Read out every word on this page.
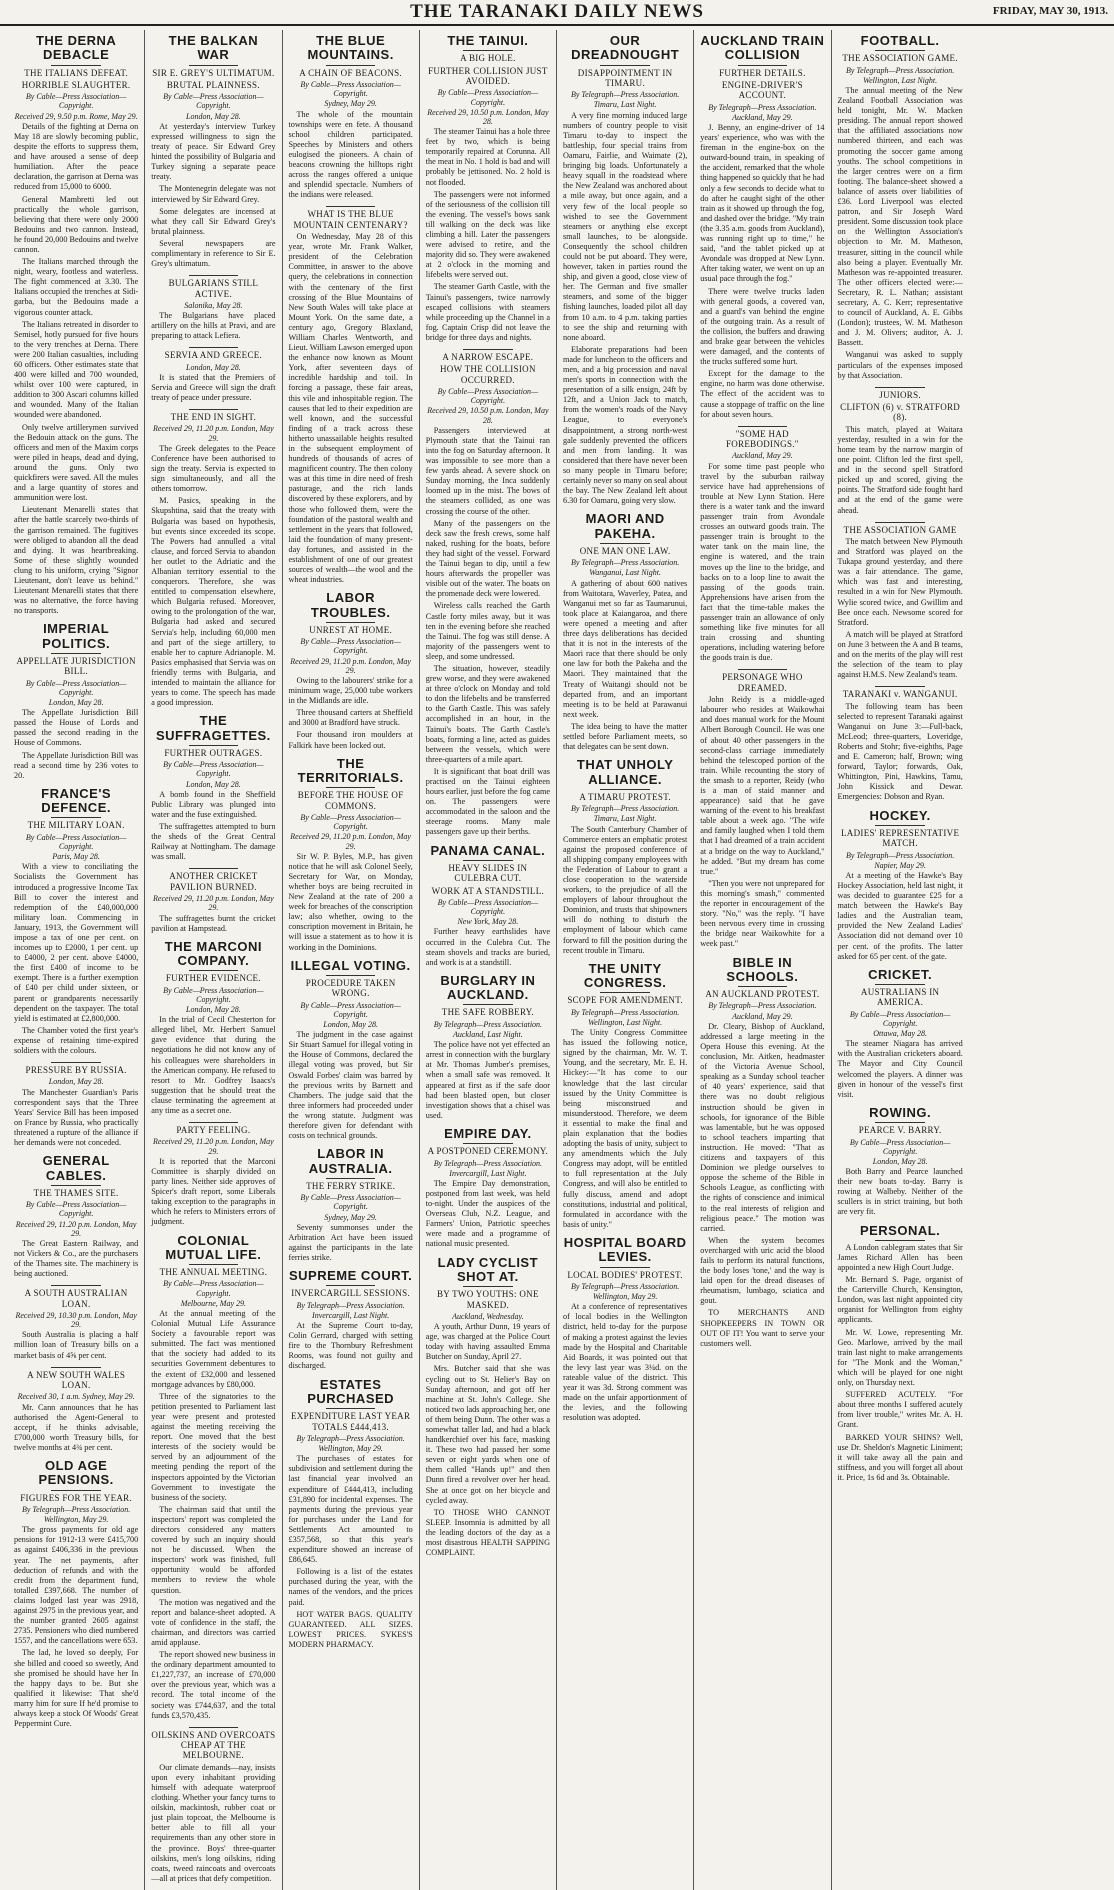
THE TARANAKI DAILY NEWS	FRIDAY, MAY 30, 1913.
THE DERNA DEBACLE
THE ITALIANS DEFEAT.
HORRIBLE SLAUGHTER.
By Cable—Press Association—Copyright.
Received 29, 9.50 p.m. Rome, May 29.

Details of the fighting at Derna on May 18 are slowly becoming public, despite the efforts to suppress them, and have aroused a sense of deep humiliation. After the peace declaration, the garrison at Derna was reduced from 15,000 to 6000.

General Mambretti led out practically the whole garrison, believing that there were only 2000 Bedouins and two cannon. Instead, he found 20,000 Bedouins and twelve cannon.

The Italians marched through the night, weary, footless and waterless. The fight commenced at 3.30. The Italians occupied the trenches at Sidi-garba, but the Bedouins made a vigorous counter attack.

The Italians retreated in disorder to Semisel, hotly pursued for five hours to the very trenches at Derna. There were 200 Italian casualties, including 60 officers. Other estimates state that 400 were killed and 700 wounded, whilst over 100 were captured, in addition to 300 Ascari columns killed and wounded. Many of the Italian wounded were abandoned.

Only twelve artillerymen survived the Bedouin attack on the guns. The officers and men of the Maxim corps were piled in heaps, dead and dying, around the guns. Only two quickfirers were saved. All the mules and a large quantity of stores and ammunition were lost.

Lieutenant Menarelli states that after the battle scarcely two-thirds of the garrison remained. The fugitives were obliged to abandon all the dead and dying. It was heartbreaking. Some of these slightly wounded clung to his uniform, crying "Signor Lieutenant, don't leave us behind." Lieutenant Menarelli states that there was no alternative, the force having no transports.

IMPERIAL POLITICS.
APPELLATE JURISDICTION BILL.
By Cable—Press Association—Copyright.
London, May 28.

The Appellate Jurisdiction Bill passed the House of Lords and passed the second reading in the House of Commons.

The Appellate Jurisdiction Bill was read a second time by 236 votes to 20.

FRANCE'S DEFENCE.
THE MILITARY LOAN.
By Cable—Press Association—Copyright.
Paris, May 28.

With a view to conciliating the Socialists the Government has introduced a progressive Income Tax Bill to cover the interest and redemption of the £40,000,000 military loan. Commencing in January, 1913, the Government will impose a tax of one per cent. on incomes up to £2000, 1 per cent. up to £4000, 2 per cent. above £4000, the first £400 of income to be exempt. There is a further exemption of £40 per child under sixteen, or parent or grandparents necessarily dependent on the taxpayer. The total yield is estimated at £2,800,000.

The Chamber voted the first year's expense of retaining time-expired soldiers with the colours.

PRESSURE BY RUSSIA.
London, May 28.

The Manchester Guardian's Paris correspondent says that the Three Years' Service Bill has been imposed on France by Russia, who practically threatened a rupture of the alliance if her demands were not conceded.

GENERAL CABLES.
THE THAMES SITE.
By Cable—Press Association—Copyright.
Received 29, 11.20 p.m. London, May 29.

The Great Eastern Railway, and not Vickers & Co., are the purchasers of the Thames site. The machinery is being auctioned.

A SOUTH AUSTRALIAN LOAN.
Received 29, 10.30 p.m. London, May 29.

South Australia is placing a half million loan of Treasury bills on a market basis of 4⅝ per cent.

A NEW SOUTH WALES LOAN.
Received 30, 1 a.m. Sydney, May 29.

Mr. Cann announces that he has authorised the Agent-General to accept, if he thinks advisable, £700,000 worth Treasury bills, for twelve months at 4¾ per cent.

OLD AGE PENSIONS.
FIGURES FOR THE YEAR.
By Telegraph—Press Association.
Wellington, May 29.

The gross payments for old age pensions for 1912-13 were £415,700 as against £406,336 in the previous year. The net payments, after deduction of refunds and with the credit from the department fund, totalled £397,668. The number of claims lodged last year was 2918, against 2975 in the previous year, and the number granted 2605 against 2735. Pensioners who died numbered 1557, and the cancellations were 653.

The lad, he loved so deeply, For she billed and cooed so sweetly, And she promised he should have her In the happy days to be. But she qualified it likewise: That she'd marry him for sure If he'd promise to always keep a stock Of Woods' Great Peppermint Cure.

THE BALKAN WAR
SIR E. GREY'S ULTIMATUM.
BRUTAL PLAINNESS.
By Cable—Press Association—Copyright.
London, May 28.

At yesterday's interview Turkey expressed willingness to sign the treaty of peace. Sir Edward Grey hinted the possibility of Bulgaria and Turkey signing a separate peace treaty.

The Montenegrin delegate was not interviewed by Sir Edward Grey.

Some delegates are incensed at what they call Sir Edward Grey's brutal plainness.

Several newspapers are complimentary in reference to Sir E. Grey's ultimatum.

BULGARIANS STILL ACTIVE.
Salonika, May 28.

The Bulgarians have placed artillery on the hills at Pravi, and are preparing to attack Lefiera.

SERVIA AND GREECE.
London, May 28.

It is stated that the Premiers of Servia and Greece will sign the draft treaty of peace under pressure.

THE END IN SIGHT.
Received 29, 11.20 p.m. London, May 29.

The Greek delegates to the Peace Conference have been authorised to sign the treaty. Servia is expected to sign simultaneously, and all the others tomorrow.

M. Pasics, speaking in the Skupshtina, said that the treaty with Bulgaria was based on hypothesis, but events since exceeded its scope. The Powers had annulled a vital clause, and forced Servia to abandon her outlet to the Adriatic and the Albanian territory essential to the conquerors. Therefore, she was entitled to compensation elsewhere, which Bulgaria refused. Moreover, owing to the prolongation of the war, Bulgaria had asked and secured Servia's help, including 60,000 men and part of the siege artillery, to enable her to capture Adrianople. M. Pasics emphasised that Servia was on friendly terms with Bulgaria, and intended to maintain the alliance for years to come. The speech has made a good impression.

THE SUFFRAGETTES.
FURTHER OUTRAGES.
By Cable—Press Association—Copyright.
London, May 28.

A bomb found in the Sheffield Public Library was plunged into water and the fuse extinguished.

The suffragettes attempted to burn the sheds of the Great Central Railway at Nottingham. The damage was small.

ANOTHER CRICKET PAVILION BURNED.
Received 29, 11.20 p.m. London, May 29.

The suffragettes burnt the cricket pavilion at Hampstead.

THE MARCONI COMPANY.
FURTHER EVIDENCE.
By Cable—Press Association—Copyright.
London, May 28.

In the trial of Cecil Chesterton for alleged libel, Mr. Herbert Samuel gave evidence that during the negotiations he did not know any of his colleagues were shareholders in the American company. He refused to resort to Mr. Godfrey Isaacs's suggestion that he should treat the clause terminating the agreement at any time as a secret one.

PARTY FEELING.
Received 29, 11.20 p.m. London, May 29.

It is reported that the Marconi Committee is sharply divided on party lines. Neither side approves of Spicer's draft report, some Liberals taking exception to the paragraphs in which he refers to Ministers errors of judgment.

COLONIAL MUTUAL LIFE.
THE ANNUAL MEETING.
By Cable—Press Association—Copyright.
Melbourne, May 29.

At the annual meeting of the Colonial Mutual Life Assurance Society a favourable report was submitted. The fact was mentioned that the society had added to its securities Government debentures to the extent of £32,000 and lessened mortgage advances by £80,000.

Three of the signatories to the petition presented to Parliament last year were present and protested against the meeting receiving the report. One moved that the best interests of the society would be served by an adjournment of the meeting pending the report of the inspectors appointed by the Victorian Government to investigate the business of the society.

The chairman said that until the inspectors' report was completed the directors considered any matters covered by such an inquiry should not be discussed. When the inspectors' work was finished, full opportunity would be afforded members to review the whole question.

The motion was negatived and the report and balance-sheet adopted. A vote of confidence in the staff, the chairman, and directors was carried amid applause.

The report showed new business in the ordinary department amounted to £1,227,737, an increase of £70,000 over the previous year, which was a record. The total income of the society was £744,637, and the total funds £3,570,435.

OILSKINS AND OVERCOATS CHEAP AT THE MELBOURNE.

Our climate demands—nay, insists upon every inhabitant providing himself with adequate waterproof clothing. Whether your fancy turns to oilskin, mackintosh, rubber coat or just plain topcoat, the Melbourne is better able to fill all your requirements than any other store in the province. Boys' three-quarter oilskins, men's long oilskins, riding coats, tweed raincoats and overcoats—all at prices that defy competition.

THE BLUE MOUNTAINS.
A CHAIN OF BEACONS.
By Cable—Press Association—Copyright.
Sydney, May 29.

The whole of the mountain townships were en fete. A thousand school children participated. Speeches by Ministers and others eulogised the pioneers. A chain of beacons crowning the hilltops right across the ranges offered a unique and splendid spectacle. Numbers of the indians were released.

WHAT IS THE BLUE MOUNTAIN CENTENARY?

On Wednesday, May 28 of this year, wrote Mr. Frank Walker, president of the Celebration Committee, in answer to the above query, the celebrations in connection with the centenary of the first crossing of the Blue Mountains of New South Wales will take place at Mount York. On the same date, a century ago, Gregory Blaxland, William Charles Wentworth, and Lieut. William Lawson emerged upon the enhance now known as Mount York, after seventeen days of incredible hardship and toil. In forcing a passage, these fair areas, this vile and inhospitable region. The causes that led to their expedition are well known, and the successful finding of a track across these hitherto unassailable heights resulted in the subsequent employment of hundreds of thousands of acres of magnificent country. The then colony was at this time in dire need of fresh pasturage, and the rich lands discovered by these explorers, and by those who followed them, were the foundation of the pastoral wealth and settlement in the years that followed, laid the foundation of many present-day fortunes, and assisted in the establishment of one of our greatest sources of wealth—the wool and the wheat industries.

LABOR TROUBLES.
UNREST AT HOME.
By Cable—Press Association—Copyright.
Received 29, 11.20 p.m. London, May 29.

Owing to the labourers' strike for a minimum wage, 25,000 tube workers in the Midlands are idle.

Three thousand carters at Sheffield and 3000 at Bradford have struck.

Four thousand iron moulders at Falkirk have been locked out.

THE TERRITORIALS.
BEFORE THE HOUSE OF COMMONS.
By Cable—Press Association—Copyright.
Received 29, 11.20 p.m. London, May 29.

Sir W. P. Byles, M.P., has given notice that he will ask Colonel Seely, Secretary for War, on Monday, whether boys are being recruited in New Zealand at the rate of 200 a week for breaches of the conscription law; also whether, owing to the conscription movement in Britain, he will issue a statement as to how it is working in the Dominions.

ILLEGAL VOTING.
PROCEDURE TAKEN WRONG.
By Cable—Press Association—Copyright.
London, May 28.

The judgment in the case against Sir Stuart Samuel for illegal voting in the House of Commons, declared the illegal voting was proved, but Sir Oswald Forbes' claim was barred by the previous writs by Barnett and Chambers. The judge said that the three informers had proceeded under the wrong statute. Judgment was therefore given for defendant with costs on technical grounds.

LABOR IN AUSTRALIA.
THE FERRY STRIKE.
By Cable—Press Association—Copyright.
Sydney, May 29.

Seventy summonses under the Arbitration Act have been issued against the participants in the late ferries strike.

SUPREME COURT.
INVERCARGILL SESSIONS.
By Telegraph—Press Association.
Invercargill, Last Night.

At the Supreme Court to-day, Colin Gerrard, charged with setting fire to the Thornbury Refreshment Rooms, was found not guilty and discharged.

ESTATES PURCHASED
EXPENDITURE LAST YEAR TOTALS £444,413.
By Telegraph—Press Association.
Wellington, May 29.

The purchases of estates for subdivision and settlement during the last financial year involved an expenditure of £444,413, including £31,890 for incidental expenses. The payments during the previous year for purchases under the Land for Settlements Act amounted to £357,568, so that this year's expenditure showed an increase of £86,645.

Following is a list of the estates purchased during the year, with the names of the vendors, and the prices paid.

HOT WATER BAGS. QUALITY GUARANTEED. ALL SIZES. LOWEST PRICES. SYKES'S MODERN PHARMACY.

THE TAINUI.
A BIG HOLE.
FURTHER COLLISION JUST AVOIDED.
By Cable—Press Association—Copyright.
Received 29, 10.50 p.m. London, May 28.

The steamer Tainui has a hole three feet by two, which is being temporarily repaired at Corunna. All the meat in No. 1 hold is bad and will probably be jettisoned. No. 2 hold is not flooded.

The passengers were not informed of the seriousness of the collision till the evening. The vessel's bows sank till walking on the deck was like climbing a hill. Later the passengers were advised to retire, and the majority did so. They were awakened at 2 o'clock in the morning and lifebelts were served out.

The steamer Garth Castle, with the Tainui's passengers, twice narrowly escaped collisions with steamers while proceeding up the Channel in a fog. Captain Crisp did not leave the bridge for three days and nights.

A NARROW ESCAPE.
HOW THE COLLISION OCCURRED.
By Cable—Press Association—Copyright.
Received 29, 10.50 p.m. London, May 28.

Passengers interviewed at Plymouth state that the Tainui ran into the fog on Saturday afternoon. It was impossible to see more than a few yards ahead. A severe shock on Sunday morning, the Inca suddenly loomed up in the mist. The bows of the steamers collided, as one was crossing the course of the other.

Many of the passengers on the deck saw the fresh crews, some half naked, rushing for the boats, before they had sight of the vessel. Forward the Tainui began to dip, until a few hours afterwards the propeller was visible out of the water. The boats on the promenade deck were lowered.

Wireless calls reached the Garth Castle forty miles away, but it was ten in the evening before she reached the Tainui. The fog was still dense. A majority of the passengers went to sleep, and some undressed.

The situation, however, steadily grew worse, and they were awakened at three o'clock on Monday and told to don the lifebelts and be transferred to the Garth Castle. This was safely accomplished in an hour, in the Tainui's boats. The Garth Castle's boats, forming a line, acted as guides between the vessels, which were three-quarters of a mile apart.

It is significant that boat drill was practised on the Tainui eighteen hours earlier, just before the fog came on. The passengers were accommodated in the saloon and the steerage rooms. Many male passengers gave up their berths.

PANAMA CANAL.
HEAVY SLIDES IN CULEBRA CUT.
WORK AT A STANDSTILL.
By Cable—Press Association—Copyright.
New York, May 28.

Further heavy earthslides have occurred in the Culebra Cut. The steam shovels and tracks are buried, and work is at a standstill.

BURGLARY IN AUCKLAND.
THE SAFE ROBBERY.
By Telegraph—Press Association.
Auckland, Last Night.

The police have not yet effected an arrest in connection with the burglary at Mr. Thomas Jumber's premises, when a small safe was removed. It appeared at first as if the safe door had been blasted open, but closer investigation shows that a chisel was used.

EMPIRE DAY.
A POSTPONED CEREMONY.
By Telegraph—Press Association.
Invercargill, Last Night.

The Empire Day demonstration, postponed from last week, was held to-night. Under the auspices of the Overseas Club, N.Z. League, and Farmers' Union, Patriotic speeches were made and a programme of national music presented.

LADY CYCLIST SHOT AT.
BY TWO YOUTHS: ONE MASKED.
Auckland, Wednesday.

A youth, Arthur Dunn, 19 years of age, was charged at the Police Court today with having assaulted Emma Butcher on Sunday, April 27.

Mrs. Butcher said that she was cycling out to St. Helier's Bay on Sunday afternoon, and got off her machine at St. John's College. She noticed two lads approaching her, one of them being Dunn. The other was a somewhat taller lad, and had a black handkerchief over his face, masking it. These two had passed her some seven or eight yards when one of them called "Hands up!" and then Dunn fired a revolver over her head. She at once got on her bicycle and cycled away.

TO THOSE WHO CANNOT SLEEP. Insomnia is admitted by all the leading doctors of the day as a most disastrous HEALTH SAPPING COMPLAINT.

OUR DREADNOUGHT
DISAPPOINTMENT IN TIMARU.
By Telegraph—Press Association.
Timaru, Last Night.

A very fine morning induced large numbers of country people to visit Timaru to-day to inspect the battleship, four special trains from Oamaru, Fairlie, and Waimate (2), bringing big loads. Unfortunately a heavy squall in the roadstead where the New Zealand was anchored about a mile away, but once again, and a very few of the local people so wished to see the Government steamers or anything else except small launches, to be alongside. Consequently the school children could not be put aboard. They were, however, taken in parties round the ship, and given a good, close view of her. The German and five smaller steamers, and some of the bigger fishing launches, loaded pilot all day from 10 a.m. to 4 p.m. taking parties to see the ship and returning with none aboard.

Elaborate preparations had been made for luncheon to the officers and men, and a big procession and naval men's sports in connection with the presentation of a silk ensign, 24ft by 12ft, and a Union Jack to match, from the women's roads of the Navy League, to everyone's disappointment, a strong north-west gale suddenly prevented the officers and men from landing. It was considered that there have never been so many people in Timaru before; certainly never so many on seal about the bay. The New Zealand left about 6.30 for Oamaru, going very slow.

MAORI AND PAKEHA.
ONE MAN ONE LAW.
By Telegraph—Press Association.
Wanganui, Last Night.

A gathering of about 600 natives from Waitotara, Waverley, Patea, and Wanganui met so far as Taumarunui, took place at Kaiangaroa, and there were opened a meeting and after three days deliberations has decided that it is not in the interests of the Maori race that there should be only one law for both the Pakeha and the Maori. They maintained that the Treaty of Waitangi should not be departed from, and an important meeting is to be held at Parawanui next week.

The idea being to have the matter settled before Parliament meets, so that delegates can be sent down.

THAT UNHOLY ALLIANCE.
A TIMARU PROTEST.
By Telegraph—Press Association.
Timaru, Last Night.

The South Canterbury Chamber of Commerce enters an emphatic protest against the proposed conference of all shipping company employees with the Federation of Labour to grant a close cooperation to the waterside workers, to the prejudice of all the employers of labour throughout the Dominion, and trusts that shipowners will do nothing to disturb the employment of labour which came forward to fill the position during the recent trouble in Timaru.

THE UNITY CONGRESS.
SCOPE FOR AMENDMENT.
By Telegraph—Press Association.
Wellington, Last Night.

The Unity Congress Committee has issued the following notice, signed by the chairman, Mr. W. T. Young, and the secretary, Mr. E. H. Hickey:—"It has come to our knowledge that the last circular issued by the Unity Committee is being misconstrued and misunderstood. Therefore, we deem it essential to make the final and plain explanation that the bodies adopting the basis of unity, subject to any amendments which the July Congress may adopt, will be entitled to full representation at the July Congress, and will also be entitled to fully discuss, amend and adopt constitutions, industrial and political, formulated in accordance with the basis of unity."

HOSPITAL BOARD LEVIES.
LOCAL BODIES' PROTEST.
By Telegraph—Press Association.
Wellington, May 29.

At a conference of representatives of local bodies in the Wellington district, held to-day for the purpose of making a protest against the levies made by the Hospital and Charitable Aid Boards, it was pointed out that the levy last year was 3¼d. on the rateable value of the district. This year it was 3d. Strong comment was made on the unfair apportionment of the levies, and the following resolution was adopted.

AUCKLAND TRAIN COLLISION
FURTHER DETAILS.
ENGINE-DRIVER'S ACCOUNT.
By Telegraph—Press Association.
Auckland, May 29.

J. Benny, an engine-driver of 14 years' experience, who was with the fireman in the engine-box on the outward-bound train, in speaking of the accident, remarked that the whole thing happened so quickly that he had only a few seconds to decide what to do after he caught sight of the other train as it showed up through the fog, and dashed over the bridge. "My train (the 3.35 a.m. goods from Auckland), was running right up to time," he said, "and the tablet picked up at Avondale was dropped at New Lynn. After taking water, we went on up an usual pace through the fog."

There were twelve trucks laden with general goods, a covered van, and a guard's van behind the engine of the outgoing train. As a result of the collision, the buffers and drawing and brake gear between the vehicles were damaged, and the contents of the trucks suffered some hurt.

Except for the damage to the engine, no harm was done otherwise. The effect of the accident was to cause a stoppage of traffic on the line for about seven hours.

"SOME HAD FOREBODINGS."
Auckland, May 29.

For some time past people who travel by the suburban railway service have had apprehensions of trouble at New Lynn Station. Here there is a water tank and the inward passenger train from Avondale crosses an outward goods train. The passenger train is brought to the water tank on the main line, the engine is watered, and the train moves up the line to the bridge, and backs on to a loop line to await the passing of the goods train. Apprehensions have arisen from the fact that the time-table makes the passenger train an allowance of only something like five minutes for all train crossing and shunting operations, including watering before the goods train is due.

PERSONAGE WHO DREAMED.

John Reidy is a middle-aged labourer who resides at Waikowhai and does manual work for the Mount Albert Borough Council. He was one of about 40 other passengers in the second-class carriage immediately behind the telescoped portion of the train. While recounting the story of the smash to a reporter, Reidy (who is a man of staid manner and appearance) said that he gave warning of the event to his breakfast table about a week ago. "The wife and family laughed when I told them that I had dreamed of a train accident at a bridge on the way to Auckland," he added. "But my dream has come true."

"Then you were not unprepared for this morning's smash," commented the reporter in encouragement of the story. "No," was the reply. "I have been nervous every time in crossing the bridge near Waikowhite for a week past."

BIBLE IN SCHOOLS.
AN AUCKLAND PROTEST.
By Telegraph—Press Association.
Auckland, May 29.

Dr. Cleary, Bishop of Auckland, addressed a large meeting in the Opera House this evening. At the conclusion, Mr. Aitken, headmaster of the Victoria Avenue School, speaking as a Sunday school teacher of 40 years' experience, said that there was no doubt religious instruction should be given in schools, for ignorance of the Bible was lamentable, but he was opposed to school teachers imparting that instruction. He moved: "That as citizens and taxpayers of this Dominion we pledge ourselves to oppose the scheme of the Bible in Schools League, as conflicting with the rights of conscience and inimical to the real interests of religion and religious peace." The motion was carried.

When the system becomes overcharged with uric acid the blood fails to perform its natural functions, the body loses 'tone,' and the way is laid open for the dread diseases of rheumatism, lumbago, sciatica and gout.

TO MERCHANTS AND SHOPKEEPERS IN TOWN OR OUT OF IT! You want to serve your customers well.

FOOTBALL.
THE ASSOCIATION GAME.
By Telegraph—Press Association.
Wellington, Last Night.

The annual meeting of the New Zealand Football Association was held tonight, Mr. W. Macken presiding. The annual report showed that the affiliated associations now numbered thirteen, and each was promoting the soccer game among youths. The school competitions in the larger centres were on a firm footing. The balance-sheet showed a balance of assets over liabilities of £36. Lord Liverpool was elected patron, and Sir Joseph Ward president. Some discussion took place on the Wellington Association's objection to Mr. M. Matheson, treasurer, sitting in the council while also being a player. Eventually Mr. Matheson was re-appointed treasurer. The other officers elected were:—Secretary, R. L. Nathan; assistant secretary, A. C. Kerr; representative to council of Auckland, A. E. Gibbs (London); trustees, W. M. Matheson and J. M. Olivers; auditor, A. J. Bassett.

Wanganui was asked to supply particulars of the expenses imposed by that Association.

JUNIORS.
CLIFTON (6) v. STRATFORD (8).

This match, played at Waitara yesterday, resulted in a win for the home team by the narrow margin of one point. Clifton led the first spell, and in the second spell Stratford picked up and scored, giving the points. The Stratford side fought hard and at the end of the game were ahead.

THE ASSOCIATION GAME

The match between New Plymouth and Stratford was played on the Tukapa ground yesterday, and there was a fair attendance. The game, which was fast and interesting, resulted in a win for New Plymouth. Wylie scored twice, and Gwillim and Bee once each. Newsome scored for Stratford.

A match will be played at Stratford on June 3 between the A and B teams, and on the merits of the play will rest the selection of the team to play against H.M.S. New Zealand's team.

TARANAKI v. WANGANUI.

The following team has been selected to represent Taranaki against Wanganui on June 3:—Full-back, McLeod; three-quarters, Loveridge, Roberts and Stohr; five-eighths, Page and E. Cameron; half, Brown; wing forward, Taylor; forwards, Oak, Whittington, Pini, Hawkins, Tamu, John Kissick and Dewar. Emergencies: Dobson and Ryan.

HOCKEY.
LADIES' REPRESENTATIVE MATCH.
By Telegraph—Press Association.
Napier, May 29.

At a meeting of the Hawke's Bay Hockey Association, held last night, it was decided to guarantee £25 for a match between the Hawke's Bay ladies and the Australian team, provided the New Zealand Ladies' Association did not demand over 10 per cent. of the profits. The latter asked for 65 per cent. of the gate.

CRICKET.
AUSTRALIANS IN AMERICA.
By Cable—Press Association—Copyright.
Ottawa, May 28.

The steamer Niagara has arrived with the Australian cricketers aboard. The Mayor and City Council welcomed the players. A dinner was given in honour of the vessel's first visit.

ROWING.
PEARCE V. BARRY.
By Cable—Press Association—Copyright.
London, May 28.

Both Barry and Pearce launched their new boats to-day. Barry is rowing at Walbeby. Neither of the scullers is in strict training, but both are very fit.

PERSONAL.

A London cablegram states that Sir James Richard Allen has been appointed a new High Court Judge.

Mr. Bernard S. Page, organist of the Carterville Church, Kensington, London, was last night appointed city organist for Wellington from eighty applicants.

Mr. W. Lowe, representing Mr. Geo. Marlowe, arrived by the mail train last night to make arrangements for "The Monk and the Woman," which will be played for one night only, on Thursday next.

SUFFERED ACUTELY. "For about three months I suffered acutely from liver trouble," writes Mr. A. H. Grant.

BARKED YOUR SHINS? Well, use Dr. Sheldon's Magnetic Liniment; it will take away all the pain and stiffness, and you will forget all about it. Price, 1s 6d and 3s. Obtainable.
